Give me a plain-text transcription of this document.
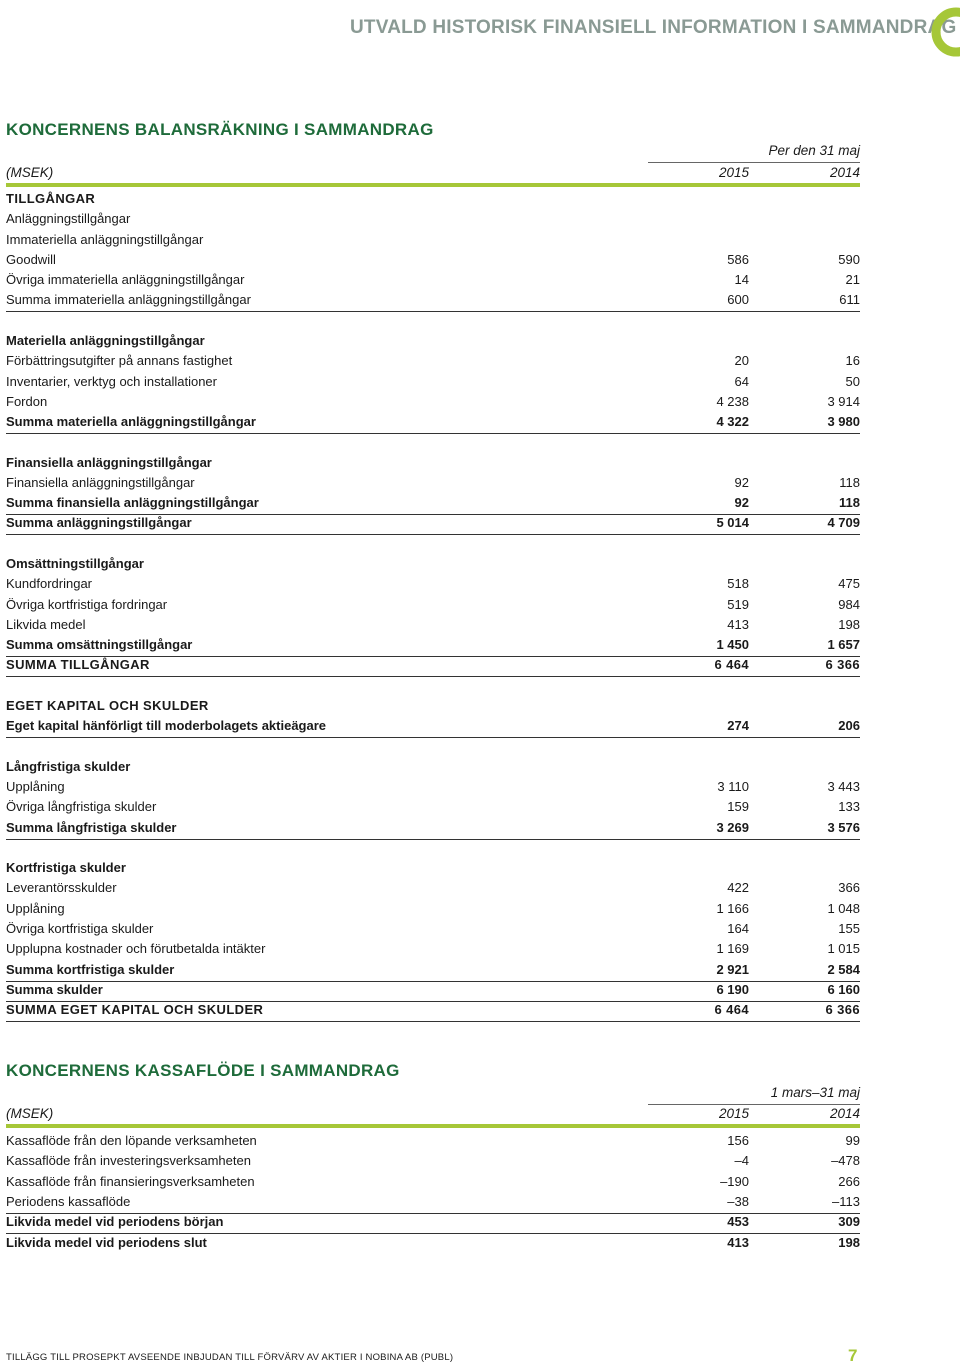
UTVALD HISTORISK FINANSIELL INFORMATION I SAMMANDRAG
KONCERNENS BALANSRÄKNING I SAMMANDRAG
Per den 31 maj
(MSEK)	2015	2014
KONCERNENS KASSAFLÖDE I SAMMANDRAG
1 mars–31 maj
(MSEK)	2015	2014
TILLÄGG TILL PROSEPKT AVSEENDE INBJUDAN TILL FÖRVÄRV AV AKTIER I NOBINA AB (PUBL)	7
TILLGÅNGAR
Anläggningstillgångar
Immateriella anläggningstillgångar
Goodwill	586	590
Övriga immateriella anläggningstillgångar	14	21
Summa immateriella anläggningstillgångar	600	611
Materiella anläggningstillgångar
Förbättringsutgifter på annans fastighet	20	16
Inventarier, verktyg och installationer	64	50
Fordon	4 238	3 914
Summa materiella anläggningstillgångar	4 322	3 980
Finansiella anläggningstillgångar
Finansiella anläggningstillgångar	92	118
Summa finansiella anläggningstillgångar	92	118
Summa anläggningstillgångar	5 014	4 709
Omsättningstillgångar
Kundfordringar	518	475
Övriga kortfristiga fordringar	519	984
Likvida medel	413	198
Summa omsättningstillgångar	1 450	1 657
SUMMA TILLGÅNGAR	6 464	6 366
EGET KAPITAL OCH SKULDER
Eget kapital hänförligt till moderbolagets aktieägare	274	206
Långfristiga skulder
Upplåning	3 110	3 443
Övriga långfristiga skulder	159	133
Summa långfristiga skulder	3 269	3 576
Kortfristiga skulder
Leverantörsskulder	422	366
Upplåning	1 166	1 048
Övriga kortfristiga skulder	164	155
Upplupna kostnader och förutbetalda intäkter	1 169	1 015
Summa kortfristiga skulder	2 921	2 584
Summa skulder	6 190	6 160
SUMMA EGET KAPITAL OCH SKULDER	6 464	6 366
Kassaflöde från den löpande verksamheten	156	99
Kassaflöde från investeringsverksamheten	–4	–478
Kassaflöde från finansieringsverksamheten	–190	266
Periodens kassaflöde	–38	–113
Likvida medel vid periodens början	453	309
Likvida medel vid periodens slut	413	198
